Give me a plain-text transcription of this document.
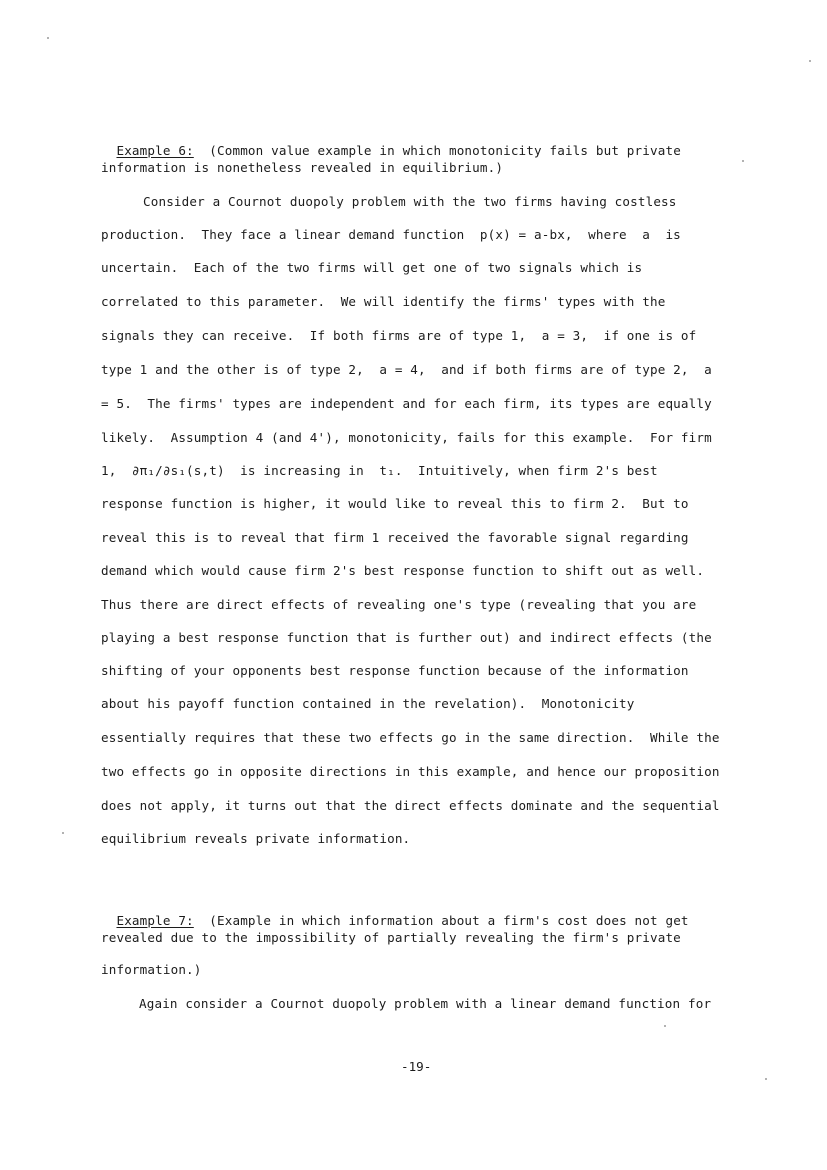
Example 6: (Common value example in which monotonicity fails but private

information is nonetheless revealed in equilibrium.)
Consider a Cournot duopoly problem with the two firms having costless
production.  They face a linear demand function  p(x) = a-bx,  where  a  is
uncertain.  Each of the two firms will get one of two signals which is
correlated to this parameter.  We will identify the firms' types with the
signals they can receive.  If both firms are of type 1,  a = 3,  if one is of
type 1 and the other is of type 2,  a = 4,  and if both firms are of type 2,  a
= 5.  The firms' types are independent and for each firm, its types are equally
likely.  Assumption 4 (and 4'), monotonicity, fails for this example.  For firm
1,  ∂π₁/∂s₁(s,t)  is increasing in  t₁.  Intuitively, when firm 2's best
response function is higher, it would like to reveal this to firm 2.  But to
reveal this is to reveal that firm 1 received the favorable signal regarding
demand which would cause firm 2's best response function to shift out as well.
Thus there are direct effects of revealing one's type (revealing that you are
playing a best response function that is further out) and indirect effects (the
shifting of your opponents best response function because of the information
about his payoff function contained in the revelation).  Monotonicity
essentially requires that these two effects go in the same direction.  While the
two effects go in opposite directions in this example, and hence our proposition
does not apply, it turns out that the direct effects dominate and the sequential
equilibrium reveals private information.

Example 7: (Example in which information about a firm's cost does not get

revealed due to the impossibility of partially revealing the firm's private
information.)
Again consider a Cournot duopoly problem with a linear demand function for
-19-
